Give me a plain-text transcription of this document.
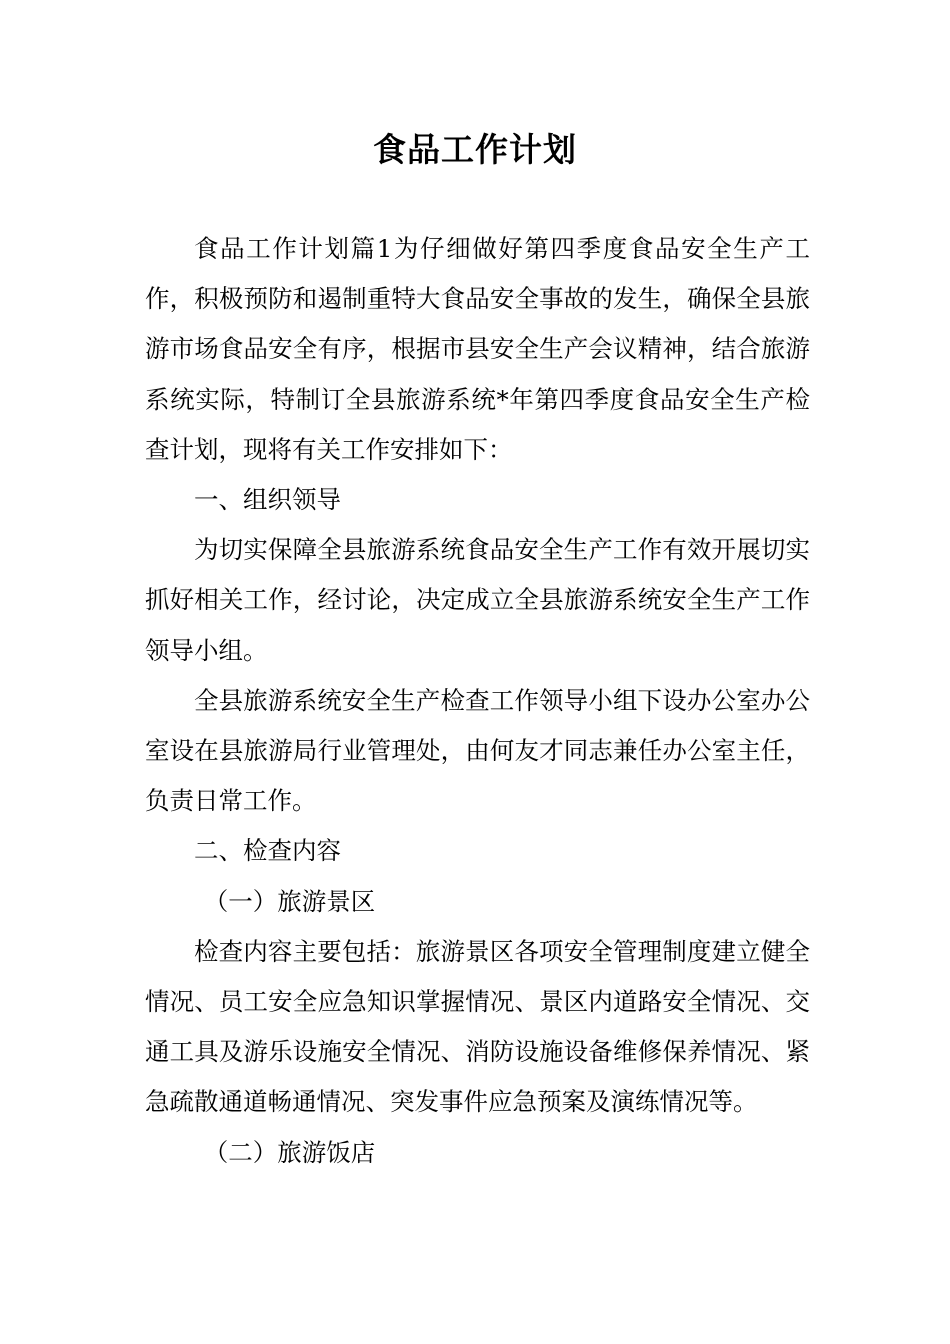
食品工作计划

食品工作计划篇1为仔细做好第四季度食品安全生产工作，积极预防和遏制重特大食品安全事故的发生，确保全县旅游市场食品安全有序，根据市县安全生产会议精神，结合旅游系统实际，特制订全县旅游系统*年第四季度食品安全生产检查计划，现将有关工作安排如下：

一、组织领导

为切实保障全县旅游系统食品安全生产工作有效开展切实抓好相关工作，经讨论，决定成立全县旅游系统安全生产工作领导小组。

全县旅游系统安全生产检查工作领导小组下设办公室办公室设在县旅游局行业管理处，由何友才同志兼任办公室主任，负责日常工作。

二、检查内容

（一）旅游景区

检查内容主要包括：旅游景区各项安全管理制度建立健全情况、员工安全应急知识掌握情况、景区内道路安全情况、交通工具及游乐设施安全情况、消防设施设备维修保养情况、紧急疏散通道畅通情况、突发事件应急预案及演练情况等。

（二）旅游饭店
